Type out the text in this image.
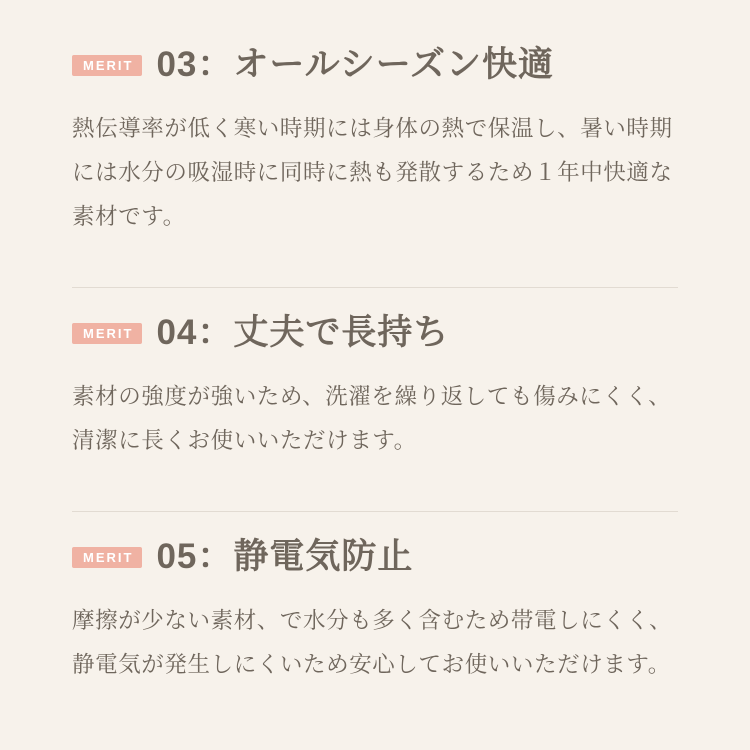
MERIT 03：オールシーズン快適

熱伝導率が低く寒い時期には身体の熱で保温し、暑い時期には水分の吸湿時に同時に熱も発散するため１年中快適な素材です。

MERIT 04：丈夫で長持ち

素材の強度が強いため、洗濯を繰り返しても傷みにくく、清潔に長くお使いいただけます。

MERIT 05：静電気防止

摩擦が少ない素材、で水分も多く含むため帯電しにくく、静電気が発生しにくいため安心してお使いいただけます。
